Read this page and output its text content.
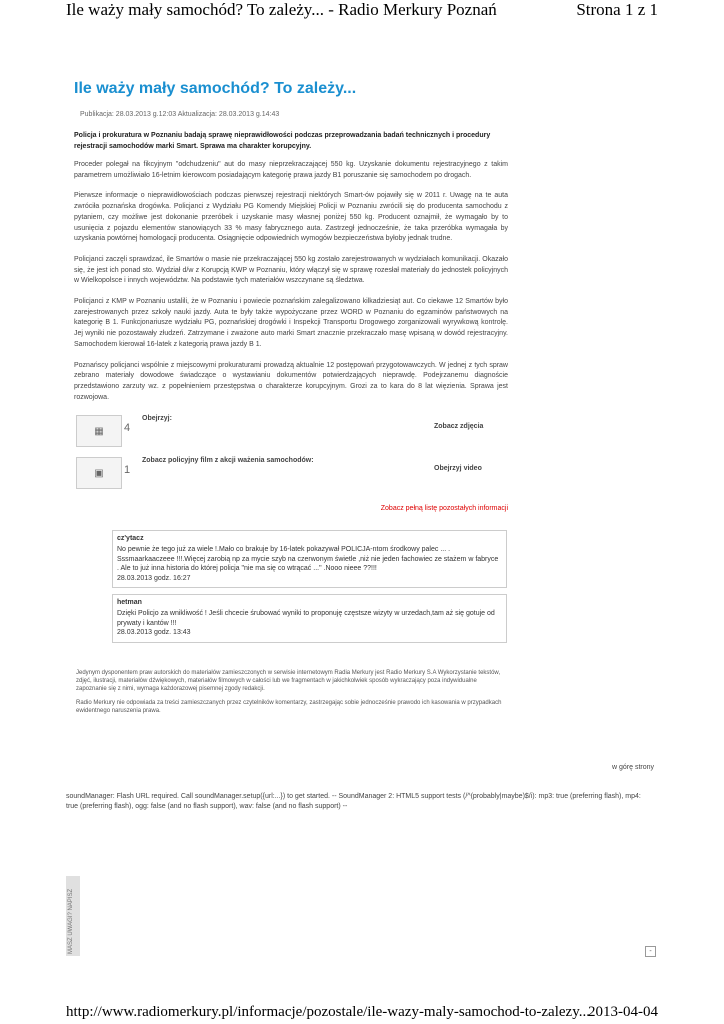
Ile waży mały samochód? To zależy... - Radio Merkury Poznań	Strona 1 z 1
Ile waży mały samochód? To zależy...
Publikacja: 28.03.2013 g.12:03 Aktualizacja: 28.03.2013 g.14:43
Policja i prokuratura w Poznaniu badają sprawę nieprawidłowości podczas przeprowadzania badań technicznych i procedury rejestracji samochodów marki Smart. Sprawa ma charakter korupcyjny.

Proceder polegał na fikcyjnym "odchudzeniu" aut do masy nieprzekraczającej 550 kg. Uzyskanie dokumentu rejestracyjnego z takim parametrem umożliwiało 16-letnim kierowcom posiadającym kategorię prawa jazdy B1 poruszanie się samochodem po drogach.

Pierwsze informacje o nieprawidłowościach podczas pierwszej rejestracji niektórych Smart-ów pojawiły się w 2011 r. Uwagę na te auta zwróciła poznańska drogówka. Policjanci z Wydziału PG Komendy Miejskiej Policji w Poznaniu zwrócili się do producenta samochodu z pytaniem, czy możliwe jest dokonanie przeróbek i uzyskanie masy własnej poniżej 550 kg. Producent oznajmił, że wymagało by to usunięcia z pojazdu elementów stanowiących 33 % masy fabrycznego auta. Zastrzegł jednocześnie, że taka przeróbka wymagała by uzyskania powtórnej homologacji producenta. Osiągnięcie odpowiednich wymogów bezpieczeństwa byłoby jednak trudne.

Policjanci zaczęli sprawdzać, ile Smartów o masie nie przekraczającej 550 kg zostało zarejestrowanych w wydziałach komunikacji. Okazało się, że jest ich ponad sto. Wydział d/w z Korupcją KWP w Poznaniu, który włączył się w sprawę rozesłał materiały do jednostek policyjnych w Wielkopolsce i innych województw. Na podstawie tych materiałów wszczynane są śledztwa.

Policjanci z KMP w Poznaniu ustalili, że w Poznaniu i powiecie poznańskim zalegalizowano kilkadziesiąt aut. Co ciekawe 12 Smartów było zarejestrowanych przez szkoły nauki jazdy. Auta te były także wypożyczane przez WORD w Poznaniu do egzaminów państwowych na kategorię B 1. Funkcjonariusze wydziału PG, poznańskiej drogówki i Inspekcji Transportu Drogowego zorganizowali wyrywkową kontrolę. Jej wyniki nie pozostawały złudzeń. Zatrzymane i zważone auto marki Smart znacznie przekraczało masę wpisaną w dowód rejestracyjny. Samochodem kierował 16-latek z kategorią prawa jazdy B 1.

Poznańscy policjanci wspólnie z miejscowymi prokuraturami prowadzą aktualnie 12 postępowań przygotowawczych. W jednej z tych spraw zebrano materiały dowodowe świadczące o wystawianiu dokumentów potwierdzających nieprawdę. Podejrzanemu diagnoście przedstawiono zarzuty wz. z popełnieniem przestępstwa o charakterze korupcyjnym. Grozi za to kara do 8 lat więzienia. Sprawa jest rozwojowa.

▦ 4
Obejrzyj:
Zobacz zdjęcia
▣ 1
Zobacz policyjny film z akcji ważenia samochodów:
Obejrzyj video
Zobacz pełną listę pozostałych informacji
cz'ytacz
No pewnie że tego już za wiele !.Mało co brakuje by 16-latek pokazywał POLICJA-ntom środkowy palec ... . Sssmaarkaaczeee !!!.Więcej zarobią np za mycie szyb na czerwonym świetle ,niż nie jeden fachowiec ze stażem w fabryce . Ale to już inna historia do której policja "nie ma się co wtrącać ..." .Nooo nieee ??!!!
28.03.2013 godz. 16:27
hetman
Dzięki Policjo za wnikliwość ! Jeśli chcecie śrubować wyniki to proponuję częstsze wizyty w urzedach,tam aż się gotuje od prywaty i kantów !!!
28.03.2013 godz. 13:43
Jedynym dysponentem praw autorskich do materiałów zamieszczonych w serwisie internetowym Radia Merkury jest Radio Merkury S.A Wykorzystanie tekstów, zdjęć, ilustracji, materiałów dźwiękowych, materiałów filmowych w całości lub we fragmentach w jakichkolwiek sposób wykraczający poza indywidualne zapoznanie się z nimi, wymaga każdorazowej pisemnej zgody redakcji.
Radio Merkury nie odpowiada za treści zamieszczanych przez czytelników komentarzy, zastrzegając sobie jednocześnie prawodo ich kasowania w przypadkach ewidentnego naruszenia prawa.
w górę strony
soundManager: Flash URL required. Call soundManager.setup({url:...}) to get started. -- SoundManager 2: HTML5 support tests (/^(probably|maybe)$/i): mp3: true (preferring flash), mp4: true (preferring flash), ogg: false (and no flash support), wav: false (and no flash support) --
MASZ UWAGI? NAPISZ	-
http://www.radiomerkury.pl/informacje/pozostale/ile-wazy-maly-samochod-to-zalezy...
2013-04-04
